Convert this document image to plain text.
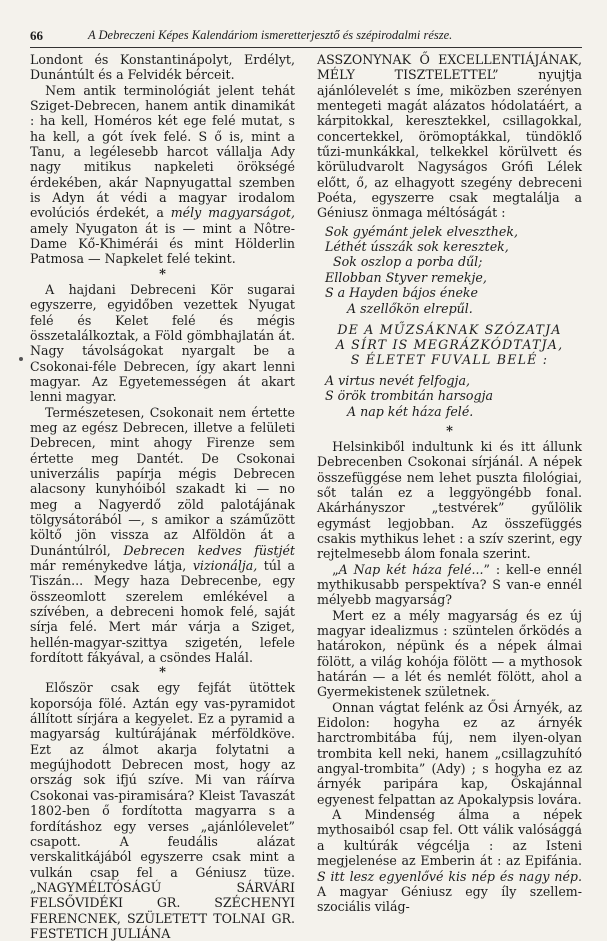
66	A Debreczeni Képes Kalendáriom ismeretterjesztő és szépirodalmi része.

Londont és Konstantinápolyt, Erdélyt, Dunántúlt és a Felvidék bérceit.

Nem antik terminológiát jelent tehát Sziget-Debrecen, hanem antik dinamikát : ha kell, Homéros két ege felé mutat, s ha kell, a gót ívek felé. S ő is, mint a Tanu, a legélesebb harcot vállalja Ady nagy mitikus napkeleti örökségé érdekében, akár Napnyugattal szemben is Adyn át védi a magyar irodalom evolúciós érdekét, a mély magyarságot, amely Nyugaton át is — mint a Nôtre-Dame Kő-Khimérái és mint Hölderlin Patmosa — Napkelet felé tekint.

*

A hajdani Debreceni Kör sugarai egyszerre, egyidőben vezettek Nyugat felé és Kelet felé és mégis összetalálkoztak, a Föld gömbhajlatán át. Nagy távolságokat nyargalt be a Csokonai-féle Debrecen, így akart lenni magyar. Az Egyetemességen át akart lenni magyar.

Természetesen, Csokonait nem értette meg az egész Debrecen, illetve a felületi Debrecen, mint ahogy Firenze sem értette meg Dantét. De Csokonai univerzális papírja mégis Debrecen alacsony kunyhóiból szakadt ki — no meg a Nagyerdő zöld palotájának tölgysátorából —, s amikor a száműzött költő jön vissza az Alföldön át a Dunántúlról, Debrecen kedves füstjét már reménykedve látja, vizionálja, túl a Tiszán... Megy haza Debrecenbe, egy összeomlott szerelem emlékével a szívében, a debreceni homok felé, saját sírja felé. Mert már várja a Sziget, hellén-magyar-szittya szigetén, lefele fordított fákyával, a csöndes Halál.

*

Először csak egy fejfát ütöttek koporsója fölé. Aztán egy vas-pyramidot állított sírjára a kegyelet. Ez a pyramid a magyarság kultúrájának mérföldköve. Ezt az álmot akarja folytatni a megújhodott Debrecen most, hogy az ország sok ifjú szíve. Mi van ráírva Csokonai vas-piramisára? Kleist Tavaszát 1802-ben ő fordította magyarra s a fordításhoz egy verses „ajánlólevelet” csapott. A feudális alázat verskalitkájából egyszerre csak mint a vulkán csap fel a Géniusz tüze. „NAGYMÉLTÓSÁGÚ SÁRVÁRI FELSŐVIDÉKI GR. SZÉCHENYI FERENCNEK, SZÜLETETT TOLNAI GR. FESTETICH JULIÁNA

ASSZONYNAK Ő EXCELLENTIÁJÁNAK, MÉLY TISZTELETTEL” nyujtja ajánlólevelét s íme, miközben szerényen mentegeti magát alázatos hódolatáért, a kárpitokkal, keresztekkel, csillagokkal, concertekkel, örömoptákkal, tündöklő tűzi-munkákkal, telkekkel körülvett és körüludvarolt Nagyságos Grófi Lélek előtt, ő, az elhagyott szegény debreceni Poéta, egyszerre csak megtalálja a Géniusz önmaga méltóságát :

Sok gyémánt jelek elveszthek,
Léthét ússzák sok keresztek,
Sok oszlop a porba dűl;
Ellobban Styver remekje,
S a Hayden bájos éneke
A szellőkön elrepűl.
DE A MŰZSÁKNAK SZÓZATJA
A SÍRT IS MEGRÁZKÓDTATJA,
S ÉLETET FUVALL BELÉ :
A virtus nevét felfogja,
S örök trombitán harsogja
A nap két háza felé.
*

Helsinkiből indultunk ki és itt állunk Debrecenben Csokonai sírjánál. A népek összefüggése nem lehet puszta filológiai, sőt talán ez a leggyöngébb fonal. Akárhányszor „testvérek” gyűlölik egymást legjobban. Az összefüggés csakis mythikus lehet : a szív szerint, egy rejtelmesebb álom fonala szerint.

„A Nap két háza felé...” : kell-e ennél mythikusabb perspektíva? S van-e ennél mélyebb magyarság?

Mert ez a mély magyarság és ez új magyar idealizmus : szüntelen őrködés a határokon, népünk és a népek álmai fölött, a világ kohója fölött — a mythosok határán — a lét és nemlét fölött, ahol a Gyermekistenek születnek.

Onnan vágtat felénk az Ősi Árnyék, az Eidolon: hogyha ez az árnyék harctrombitába fúj, nem ilyen-olyan trombita kell neki, hanem „csillagzuhító angyal-trombita” (Ady) ; s hogyha ez az árnyék paripára kap, Őskajánnal egyenest felpattan az Apokalypsis lovára.

A Mindenség álma a népek mythosaiból csap fel. Ott válik valósággá a kultúrák végcélja : az Isteni megjelenése az Emberin át : az Epifánia. S itt lesz egyenlővé kis nép és nagy nép. A magyar Géniusz egy íly szellem-szociális világ-
